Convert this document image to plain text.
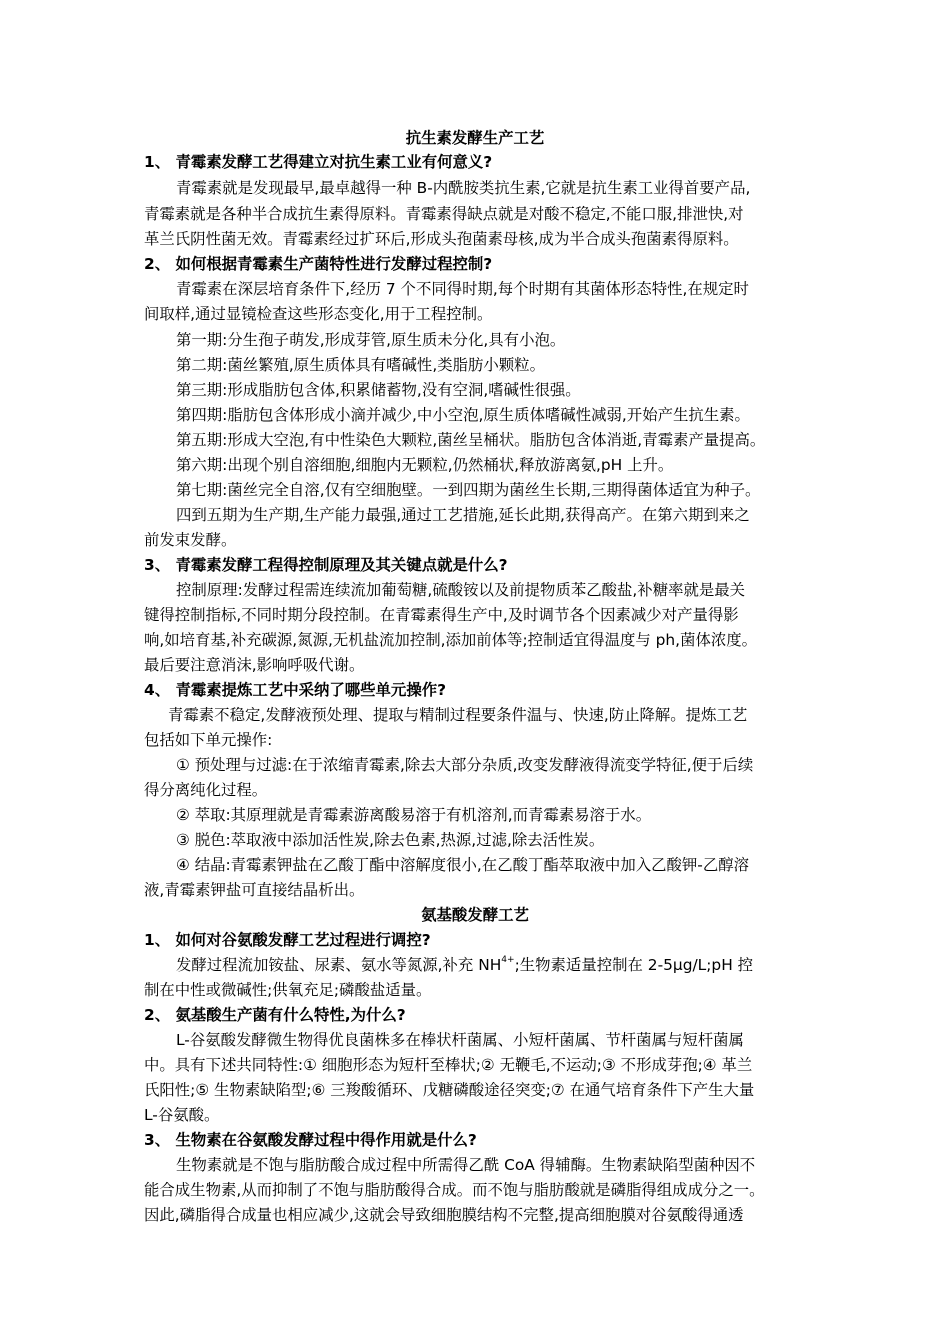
抗生素发酵生产工艺
1、 青霉素发酵工艺得建立对抗生素工业有何意义?
青霉素就是发现最早,最卓越得一种 B-内酰胺类抗生素,它就是抗生素工业得首要产品,
青霉素就是各种半合成抗生素得原料。青霉素得缺点就是对酸不稳定,不能口服,排泄快,对
革兰氏阴性菌无效。青霉素经过扩环后,形成头孢菌素母核,成为半合成头孢菌素得原料。
2、 如何根据青霉素生产菌特性进行发酵过程控制?
青霉素在深层培育条件下,经历 7 个不同得时期,每个时期有其菌体形态特性,在规定时
间取样,通过显镜检查这些形态变化,用于工程控制。
第一期:分生孢子萌发,形成芽管,原生质未分化,具有小泡。
第二期:菌丝繁殖,原生质体具有嗜碱性,类脂肪小颗粒。
第三期:形成脂肪包含体,积累储蓄物,没有空洞,嗜碱性很强。
第四期:脂肪包含体形成小滴并减少,中小空泡,原生质体嗜碱性减弱,开始产生抗生素。
第五期:形成大空泡,有中性染色大颗粒,菌丝呈桶状。脂肪包含体消逝,青霉素产量提高。
第六期:出现个别自溶细胞,细胞内无颗粒,仍然桶状,释放游离氨,pH 上升。
第七期:菌丝完全自溶,仅有空细胞壁。一到四期为菌丝生长期,三期得菌体适宜为种子。
四到五期为生产期,生产能力最强,通过工艺措施,延长此期,获得高产。在第六期到来之
前发束发酵。
3、 青霉素发酵工程得控制原理及其关键点就是什么?
控制原理:发酵过程需连续流加葡萄糖,硫酸铵以及前提物质苯乙酸盐,补糖率就是最关
键得控制指标,不同时期分段控制。在青霉素得生产中,及时调节各个因素减少对产量得影
响,如培育基,补充碳源,氮源,无机盐流加控制,添加前体等;控制适宜得温度与 ph,菌体浓度。
最后要注意消沫,影响呼吸代谢。
4、 青霉素提炼工艺中采纳了哪些单元操作?
青霉素不稳定,发酵液预处理、提取与精制过程要条件温与、快速,防止降解。提炼工艺
包括如下单元操作:
① 预处理与过滤:在于浓缩青霉素,除去大部分杂质,改变发酵液得流变学特征,便于后续
得分离纯化过程。
② 萃取:其原理就是青霉素游离酸易溶于有机溶剂,而青霉素易溶于水。
③ 脱色:萃取液中添加活性炭,除去色素,热源,过滤,除去活性炭。
④ 结晶:青霉素钾盐在乙酸丁酯中溶解度很小,在乙酸丁酯萃取液中加入乙酸钾-乙醇溶
液,青霉素钾盐可直接结晶析出。
氨基酸发酵工艺
1、 如何对谷氨酸发酵工艺过程进行调控?
发酵过程流加铵盐、尿素、氨水等氮源,补充 $NH^{4+}$;生物素适量控制在 2-5μg/L;pH 控
制在中性或微碱性;供氧充足;磷酸盐适量。
2、 氨基酸生产菌有什么特性,为什么?
L-谷氨酸发酵微生物得优良菌株多在棒状杆菌属、小短杆菌属、节杆菌属与短杆菌属
中。具有下述共同特性:① 细胞形态为短杆至棒状;② 无鞭毛,不运动;③ 不形成芽孢;④ 革兰
氏阳性;⑤ 生物素缺陷型;⑥ 三羧酸循环、戊糖磷酸途径突变;⑦ 在通气培育条件下产生大量
L-谷氨酸。
3、 生物素在谷氨酸发酵过程中得作用就是什么?
生物素就是不饱与脂肪酸合成过程中所需得乙酰 CoA 得辅酶。生物素缺陷型菌种因不
能合成生物素,从而抑制了不饱与脂肪酸得合成。而不饱与脂肪酸就是磷脂得组成成分之一。
因此,磷脂得合成量也相应减少,这就会导致细胞膜结构不完整,提高细胞膜对谷氨酸得通透
